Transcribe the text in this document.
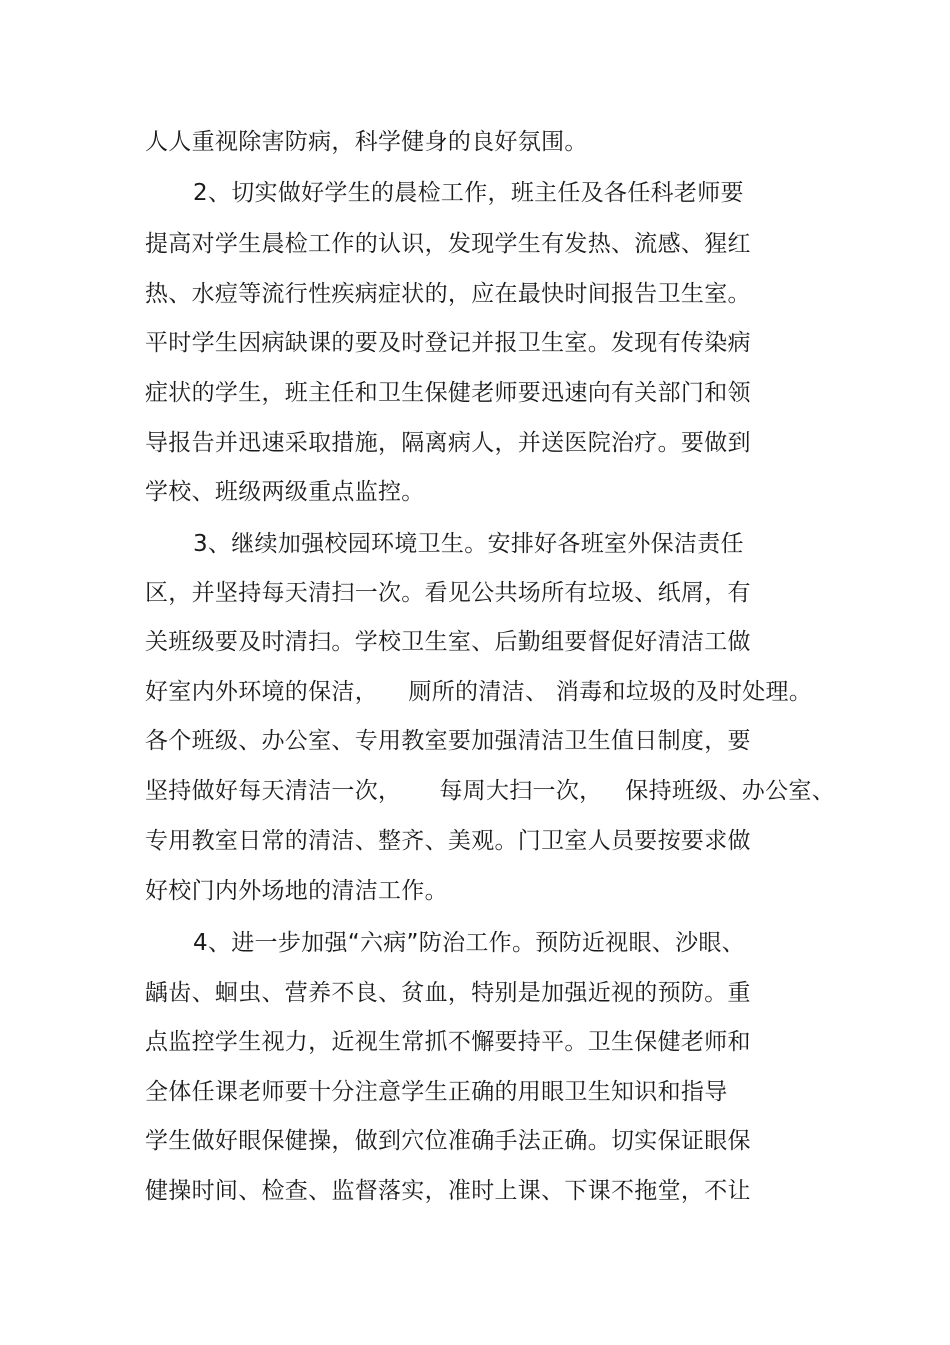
人人重视除害防病，科学健身的良好氛围。
2、切实做好学生的晨检工作，班主任及各任科老师要
提高对学生晨检工作的认识，发现学生有发热、流感、猩红
热、水痘等流行性疾病症状的，应在最快时间报告卫生室。
平时学生因病缺课的要及时登记并报卫生室。发现有传染病
症状的学生，班主任和卫生保健老师要迅速向有关部门和领
导报告并迅速采取措施，隔离病人，并送医院治疗。要做到
学校、班级两级重点监控。
3、继续加强校园环境卫生。安排好各班室外保洁责任
区，并坚持每天清扫一次。看见公共场所有垃圾、纸屑，有
关班级要及时清扫。学校卫生室、后勤组要督促好清洁工做
好室内外环境的保洁，    厕所的清洁、 消毒和垃圾的及时处理。
各个班级、办公室、专用教室要加强清洁卫生值日制度，要
坚持做好每天清洁一次，     每周大扫一次，   保持班级、办公室、
专用教室日常的清洁、整齐、美观。门卫室人员要按要求做
好校门内外场地的清洁工作。
4、进一步加强“六病”防治工作。预防近视眼、沙眼、
龋齿、蛔虫、营养不良、贫血，特别是加强近视的预防。重
点监控学生视力，近视生常抓不懈要持平。卫生保健老师和
全体任课老师要十分注意学生正确的用眼卫生知识和指导
学生做好眼保健操，做到穴位准确手法正确。切实保证眼保
健操时间、检查、监督落实，准时上课、下课不拖堂，不让
